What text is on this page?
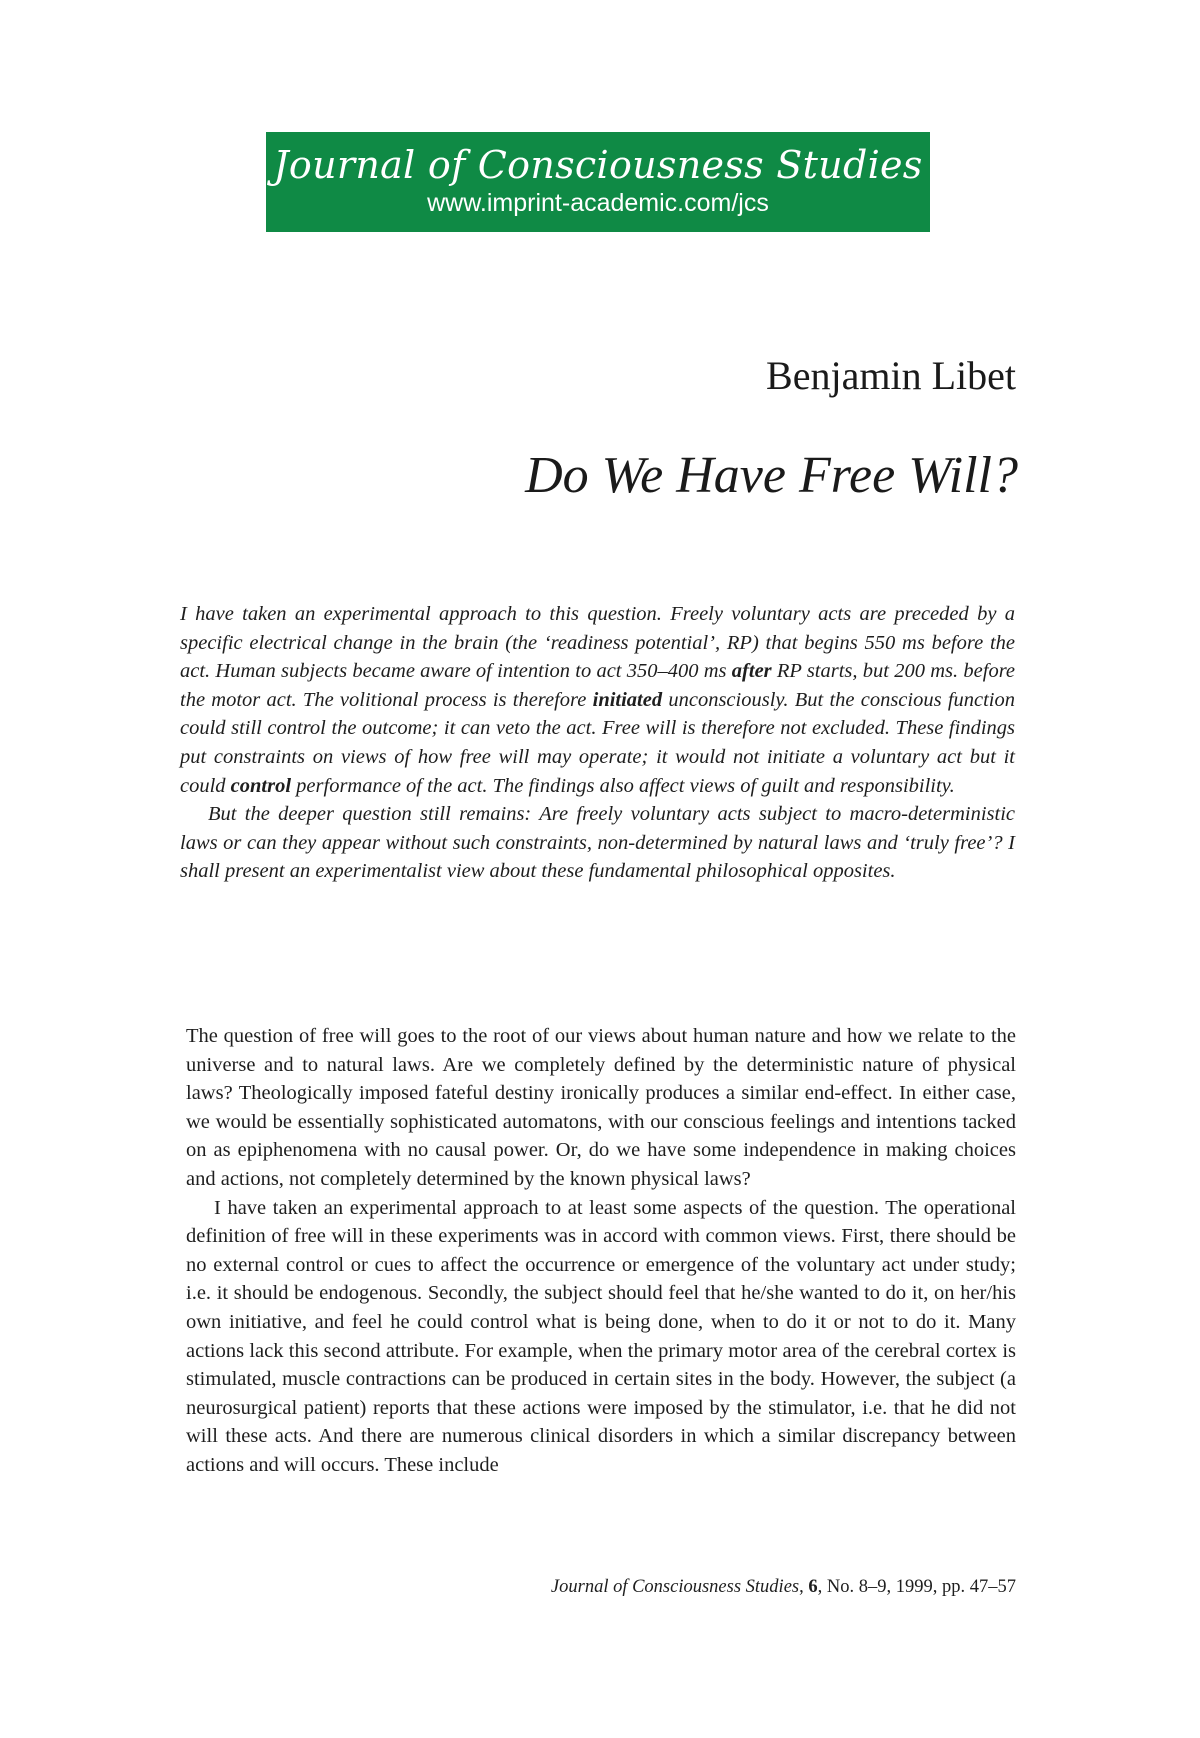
Journal of Consciousness Studies
www.imprint-academic.com/jcs
Benjamin Libet
Do We Have Free Will?

I have taken an experimental approach to this question. Freely voluntary acts are preceded by a specific electrical change in the brain (the ‘readiness potential’, RP) that begins 550 ms before the act. Human subjects became aware of intention to act 350–400 ms after RP starts, but 200 ms. before the motor act. The volitional process is therefore initiated unconsciously. But the conscious function could still control the outcome; it can veto the act. Free will is therefore not excluded. These findings put constraints on views of how free will may operate; it would not initiate a voluntary act but it could control performance of the act. The findings also affect views of guilt and responsibility.

But the deeper question still remains: Are freely voluntary acts subject to macro-deterministic laws or can they appear without such constraints, non-determined by natural laws and ‘truly free’? I shall present an experimentalist view about these fundamental philosophical opposites.

The question of free will goes to the root of our views about human nature and how we relate to the universe and to natural laws. Are we completely defined by the deterministic nature of physical laws? Theologically imposed fateful destiny ironically produces a similar end-effect. In either case, we would be essentially sophisticated automatons, with our conscious feelings and intentions tacked on as epiphenomena with no causal power. Or, do we have some independence in making choices and actions, not completely determined by the known physical laws?

I have taken an experimental approach to at least some aspects of the question. The operational definition of free will in these experiments was in accord with common views. First, there should be no external control or cues to affect the occurrence or emergence of the voluntary act under study; i.e. it should be endogenous. Secondly, the subject should feel that he/she wanted to do it, on her/his own initiative, and feel he could control what is being done, when to do it or not to do it. Many actions lack this second attribute. For example, when the primary motor area of the cerebral cortex is stimulated, muscle contractions can be produced in certain sites in the body. However, the subject (a neurosurgical patient) reports that these actions were imposed by the stimulator, i.e. that he did not will these acts. And there are numerous clinical disorders in which a similar discrepancy between actions and will occurs. These include

Journal of Consciousness Studies, 6, No. 8–9, 1999, pp. 47–57
